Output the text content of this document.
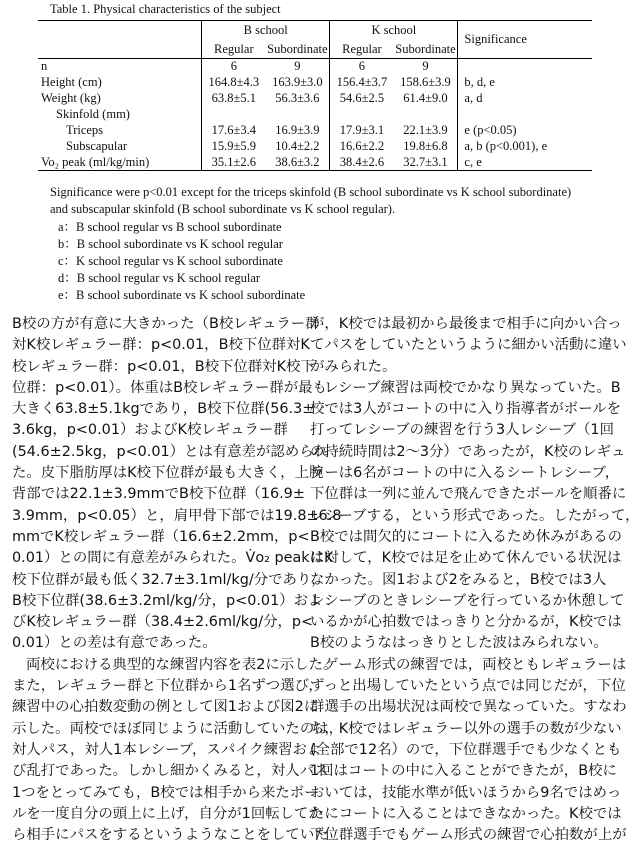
Table 1. Physical characteristics of the subject
	B school		K school		Significance
	Regular	Subordinate	Regular	Subordinate	
n	6	9	6	9	
Height (cm)	164.8±4.3	163.9±3.0	156.4±3.7	158.6±3.9	b, d, e
Weight (kg)	63.8±5.1	56.3±3.6	54.6±2.5	61.4±9.0	a, d
Skinfold (mm)					
Triceps	17.6±3.4	16.9±3.9	17.9±3.1	22.1±3.9	e (p<0.05)
Subscapular	15.9±5.9	10.4±2.2	16.6±2.2	19.8±6.8	a, b (p<0.001), e
Vo₂ peak (ml/kg/min)	35.1±2.6	38.6±3.2	38.4±2.6	32.7±3.1	c, e

Significance were p<0.01 except for the triceps skinfold (B school subordinate vs K school subordinate) and subscapular skinfold (B school subordinate vs K school regular).

a：B school regular vs B school subordinate
b：B school subordinate vs K school regular
c：K school regular vs K school subordinate
d：B school regular vs K school regular
e：B school subordinate vs K school subordinate

B校の方が有意に大きかった（B校レギュラー群
対K校レギュラー群：p<0.01，B校下位群対K
校レギュラー群：p<0.01，B校下位群対K校下
位群：p<0.01）。体重はB校レギュラー群が最も
大きく63.8±5.1kgであり，B校下位群(56.3±
3.6kg，p<0.01）およびK校レギュラー群
(54.6±2.5kg，p<0.01）とは有意差が認められ
た。皮下脂肪厚はK校下位群が最も大きく，上腕
背部では22.1±3.9mmでB校下位群（16.9±
3.9mm，p<0.05）と，肩甲骨下部では19.8±6.8
mmでK校レギュラー群（16.6±2.2mm，p<
0.01）との間に有意差がみられた。V̇o₂ peakはK
校下位群が最も低く32.7±3.1ml/kg/分であり，
B校下位群(38.6±3.2ml/kg/分，p<0.01）およ
びK校レギュラー群（38.4±2.6ml/kg/分，p<
0.01）との差は有意であった。

両校における典型的な練習内容を表2に示した。
また，レギュラー群と下位群から1名ずつ選び，
練習中の心拍数変動の例として図1および図2に
示した。両校でほぼ同じように活動していたのは，
対人パス，対人1本レシーブ，スパイク練習およ
び乱打であった。しかし細かくみると，対人パス
1つをとってみても，B校では相手から来たボー
ルを一度自分の頭上に上げ，自分が1回転してか
ら相手にパスをするというようなことをしていた

が，K校では最初から最後まで相手に向かい合っ
てパスをしていたというように細かい活動に違い
がみられた。

レシーブ練習は両校でかなり異なっていた。B
校では3人がコートの中に入り指導者がボールを
打ってレシーブの練習を行う3人レシーブ（1回
の持続時間は2〜3分）であったが，K校のレギュ
ラーは6名がコートの中に入るシートレシーブ，
下位群は一列に並んで飛んできたボールを順番に
レシーブする，という形式であった。したがって，
B校では間欠的にコートに入るため休みがあるの
に対して，K校では足を止めて休んでいる状況は
なかった。図1および2をみると，B校では3人
レシーブのときレシーブを行っているか休憩して
いるかが心拍数ではっきりと分かるが，K校では
B校のようなはっきりとした波はみられない。

ゲーム形式の練習では，両校ともレギュラーは
ずっと出場していたという点では同じだが，下位
群選手の出場状況は両校で異なっていた。すなわ
ち，K校ではレギュラー以外の選手の数が少ない
(全部で12名）ので，下位群選手でも少なくとも
1回はコートの中に入ることができたが，B校に
おいては，技能水準が低いほうから9名ではめっ
たにコートに入ることはできなかった。K校では
下位群選手でもゲーム形式の練習で心拍数が上が
